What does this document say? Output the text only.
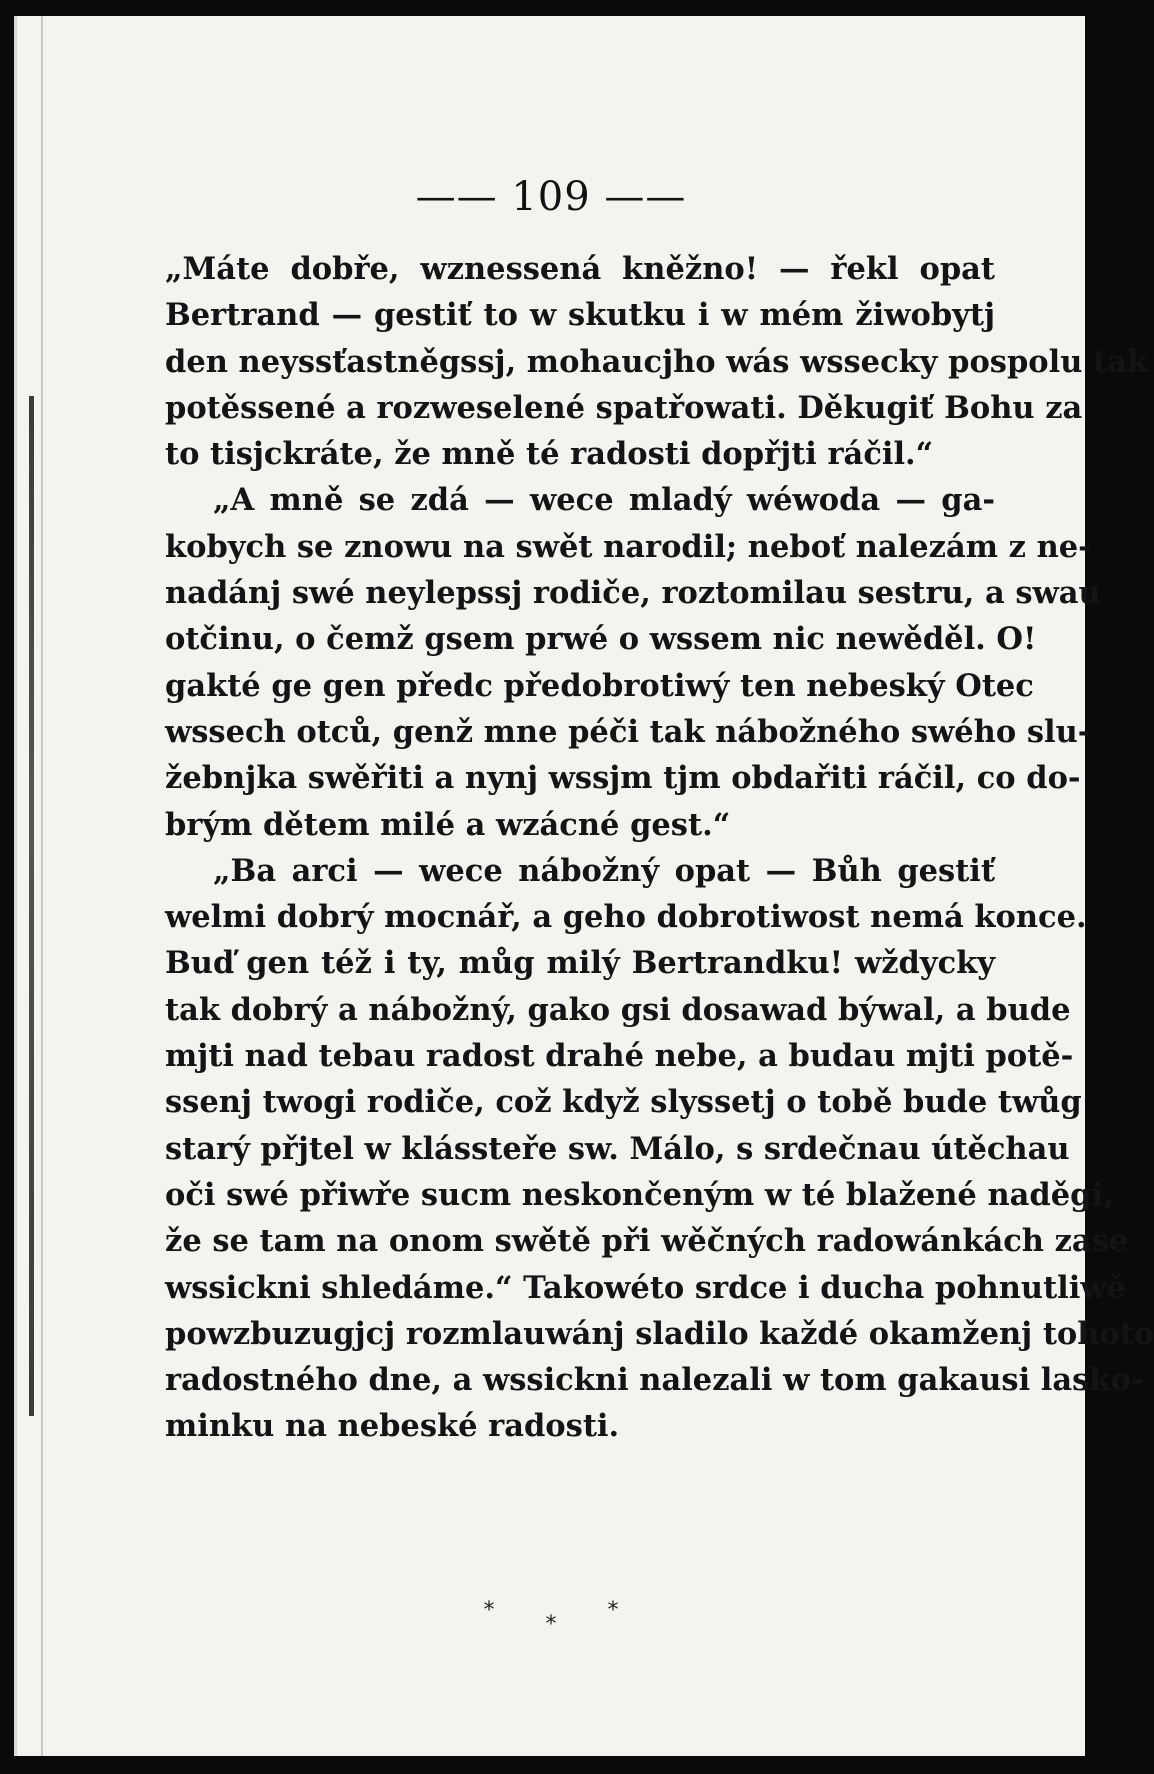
—— 109 ——
„Máte dobře, wznessená kněžno! — řekl opat
Bertrand — gestiť to w skutku i w mém žiwobytj
den neyssťastněgssj, mohaucjho wás wssecky pospolu tak
potěssené a rozweselené spatřowati. Děkugiť Bohu za
to tisjckráte, že mně té radosti dopřjti ráčil.“
„A mně se zdá — wece mladý wéwoda — ga-
kobych se znowu na swět narodil; neboť nalezám z ne-
nadánj swé neylepssj rodiče, roztomilau sestru, a swau
otčinu, o čemž gsem prwé o wssem nic newěděl. O!
gakté ge gen předc předobrotiwý ten nebeský Otec
wssech otců, genž mne péči tak nábožného swého slu-
žebnjka swěřiti a nynj wssjm tjm obdařiti ráčil, co do-
brým dětem milé a wzácné gest.“
„Ba arci — wece nábožný opat — Bůh gestiť
welmi dobrý mocnář, a geho dobrotiwost nemá konce.
Buď gen též i ty, můg milý Bertrandku! wždycky
tak dobrý a nábožný, gako gsi dosawad býwal, a bude
mjti nad tebau radost drahé nebe, a budau mjti potě-
ssenj twogi rodiče, což když slyssetj o tobě bude twůg
starý přjtel w klássteře sw. Málo, s srdečnau útěchau
oči swé přiwře sucm neskončeným w té blažené naděgi,
že se tam na onom swětě při wěčných radowánkách zase
wssickni shledáme.“ Takowéto srdce i ducha pohnutliwě
powzbuzugjcj rozmlauwánj sladilo každé okamženj tohoto
radostného dne, a wssickni nalezali w tom gakausi lasko-
minku na nebeské radosti.
* * *
